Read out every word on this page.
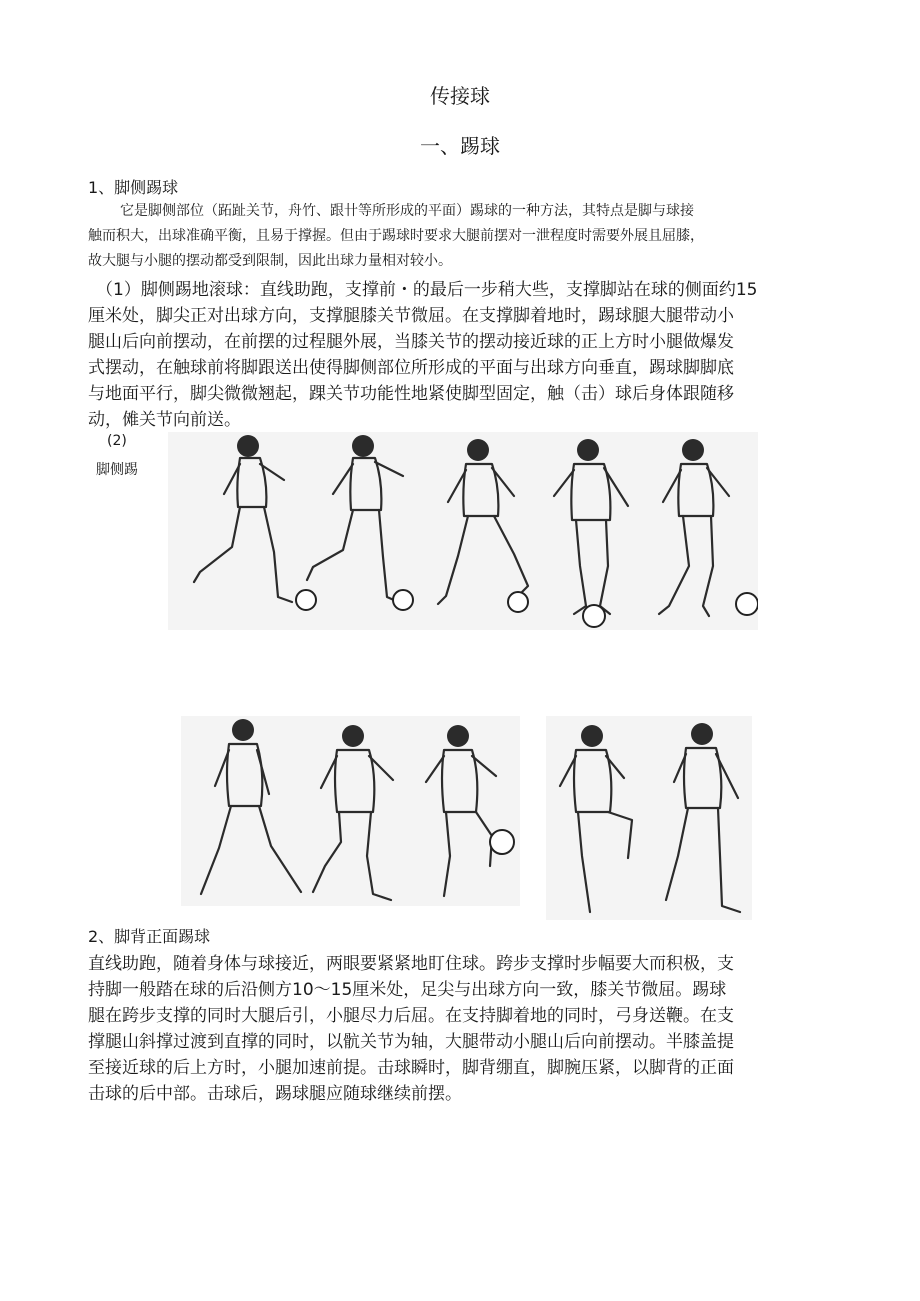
传接球
一、踢球
1、脚侧踢球
它是脚侧部位（跖趾关节，舟竹、跟卄等所形成的平面）踢球的一种方法，其特点是脚与球接
触而积大，出球准确平衡，且易于撑握。但由于踢球时要求大腿前摆对一泄程度时需要外展且屈膝，
故大腿与小腿的摆动都受到限制，因此出球力量相对较小。
（1）脚侧踢地滚球：直线助跑，支撑前・的最后一步稍大些，支撑脚站在球的侧面约15
厘米处，脚尖正对出球方向，支撑腿膝关节微屈。在支撑脚着地时，踢球腿大腿带动小
腿山后向前摆动，在前摆的过程腿外展，当膝关节的摆动接近球的正上方时小腿做爆发
式摆动，在触球前将脚跟送出使得脚侧部位所形成的平面与出球方向垂直，踢球脚脚底
与地面平行，脚尖微微翘起，踝关节功能性地紧使脚型固定，触（击）球后身体跟随移
动，傩关节向前送。
(2)
脚侧踢
2、脚背正面踢球
直线助跑，随着身体与球接近，两眼要紧紧地盯住球。跨步支撑时步幅要大而积极，支
持脚一般踏在球的后沿侧方10～15厘米处，足尖与出球方向一致，膝关节微屈。踢球
腿在跨步支撑的同时大腿后引，小腿尽力后屈。在支持脚着地的同时，弓身送鞭。在支
撑腿山斜撑过渡到直撑的同时，以骯关节为轴，大腿带动小腿山后向前摆动。半膝盖提
至接近球的后上方时，小腿加速前提。击球瞬时，脚背绷直，脚腕压紧，以脚背的正面
击球的后中部。击球后，踢球腿应随球继续前摆。
